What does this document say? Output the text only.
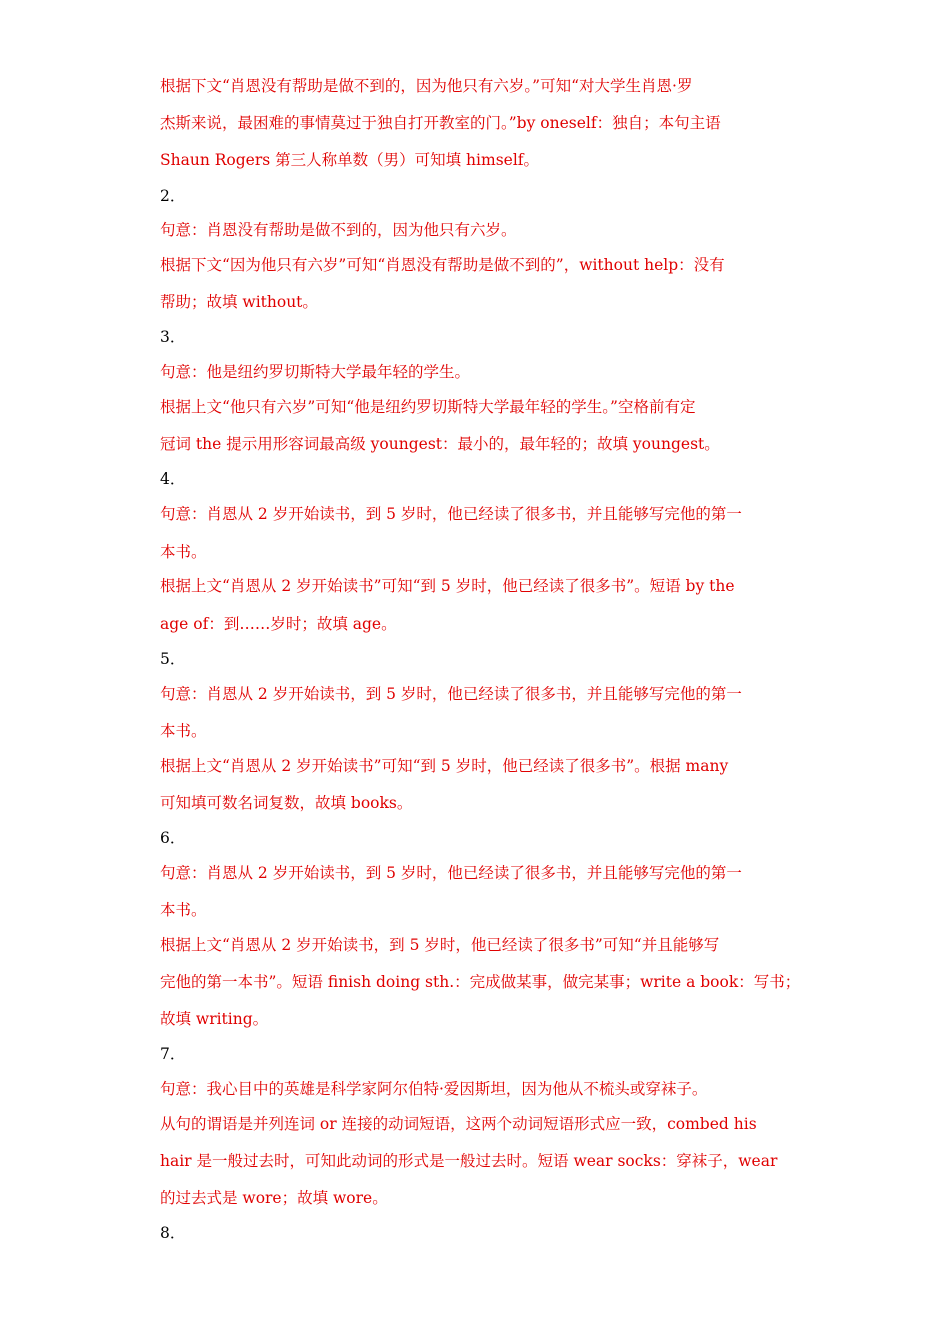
根据下文“肖恩没有帮助是做不到的，因为他只有六岁。”可知“对大学生肖恩·罗
杰斯来说，最困难的事情莫过于独自打开教室的门。”by oneself：独自；本句主语
Shaun Rogers 第三人称单数（男）可知填 himself。
2．
句意：肖恩没有帮助是做不到的，因为他只有六岁。
根据下文“因为他只有六岁”可知“肖恩没有帮助是做不到的”，without help：没有
帮助；故填 without。
3．
句意：他是纽约罗切斯特大学最年轻的学生。
根据上文“他只有六岁”可知“他是纽约罗切斯特大学最年轻的学生。”空格前有定
冠词 the 提示用形容词最高级 youngest：最小的，最年轻的；故填 youngest。
4．
句意：肖恩从 2 岁开始读书，到 5 岁时，他已经读了很多书，并且能够写完他的第一
本书。
根据上文“肖恩从 2 岁开始读书”可知“到 5 岁时，他已经读了很多书”。短语 by the
age of：到……岁时；故填 age。
5．
句意：肖恩从 2 岁开始读书，到 5 岁时，他已经读了很多书，并且能够写完他的第一
本书。
根据上文“肖恩从 2 岁开始读书”可知“到 5 岁时，他已经读了很多书”。根据 many
可知填可数名词复数，故填 books。
6．
句意：肖恩从 2 岁开始读书，到 5 岁时，他已经读了很多书，并且能够写完他的第一
本书。
根据上文“肖恩从 2 岁开始读书，到 5 岁时，他已经读了很多书”可知“并且能够写
完他的第一本书”。短语 finish doing sth.：完成做某事，做完某事；write a book：写书；
故填 writing。
7．
句意：我心目中的英雄是科学家阿尔伯特·爱因斯坦，因为他从不梳头或穿袜子。
从句的谓语是并列连词 or 连接的动词短语，这两个动词短语形式应一致，combed his
hair 是一般过去时，可知此动词的形式是一般过去时。短语 wear socks：穿袜子，wear
的过去式是 wore；故填 wore。
8．
